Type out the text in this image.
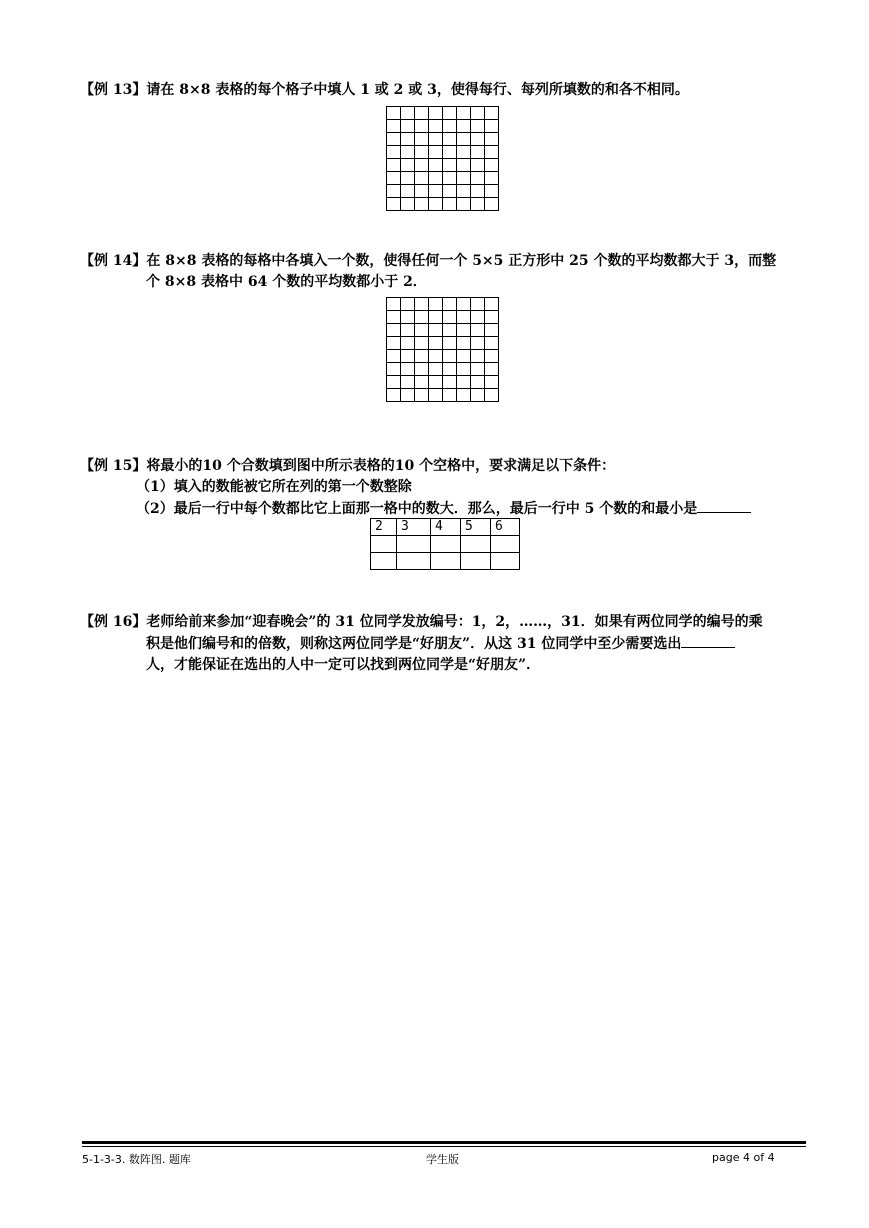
【例 13】请在 8×8 表格的每个格子中填人 1 或 2 或 3，使得每行、每列所填数的和各不相同。

【例 14】在 8×8 表格的每格中各填入一个数，使得任何一个 5×5 正方形中 25 个数的平均数都大于 3，而整
个 8×8 表格中 64 个数的平均数都小于 2．

【例 15】将最小的10 个合数填到图中所示表格的10 个空格中，要求满足以下条件：
（1）填入的数能被它所在列的第一个数整除
（2）最后一行中每个数都比它上面那一格中的数大．那么，最后一行中 5 个数的和最小是
2	3	4	5	6

【例 16】老师给前来参加“迎春晚会”的 31 位同学发放编号：1，2，……，31．如果有两位同学的编号的乘
积是他们编号和的倍数，则称这两位同学是“好朋友”．从这 31 位同学中至少需要选出
人，才能保证在选出的人中一定可以找到两位同学是“好朋友”．
5-1-3-3. 数阵图. 题库	学生版	page 4 of 4
